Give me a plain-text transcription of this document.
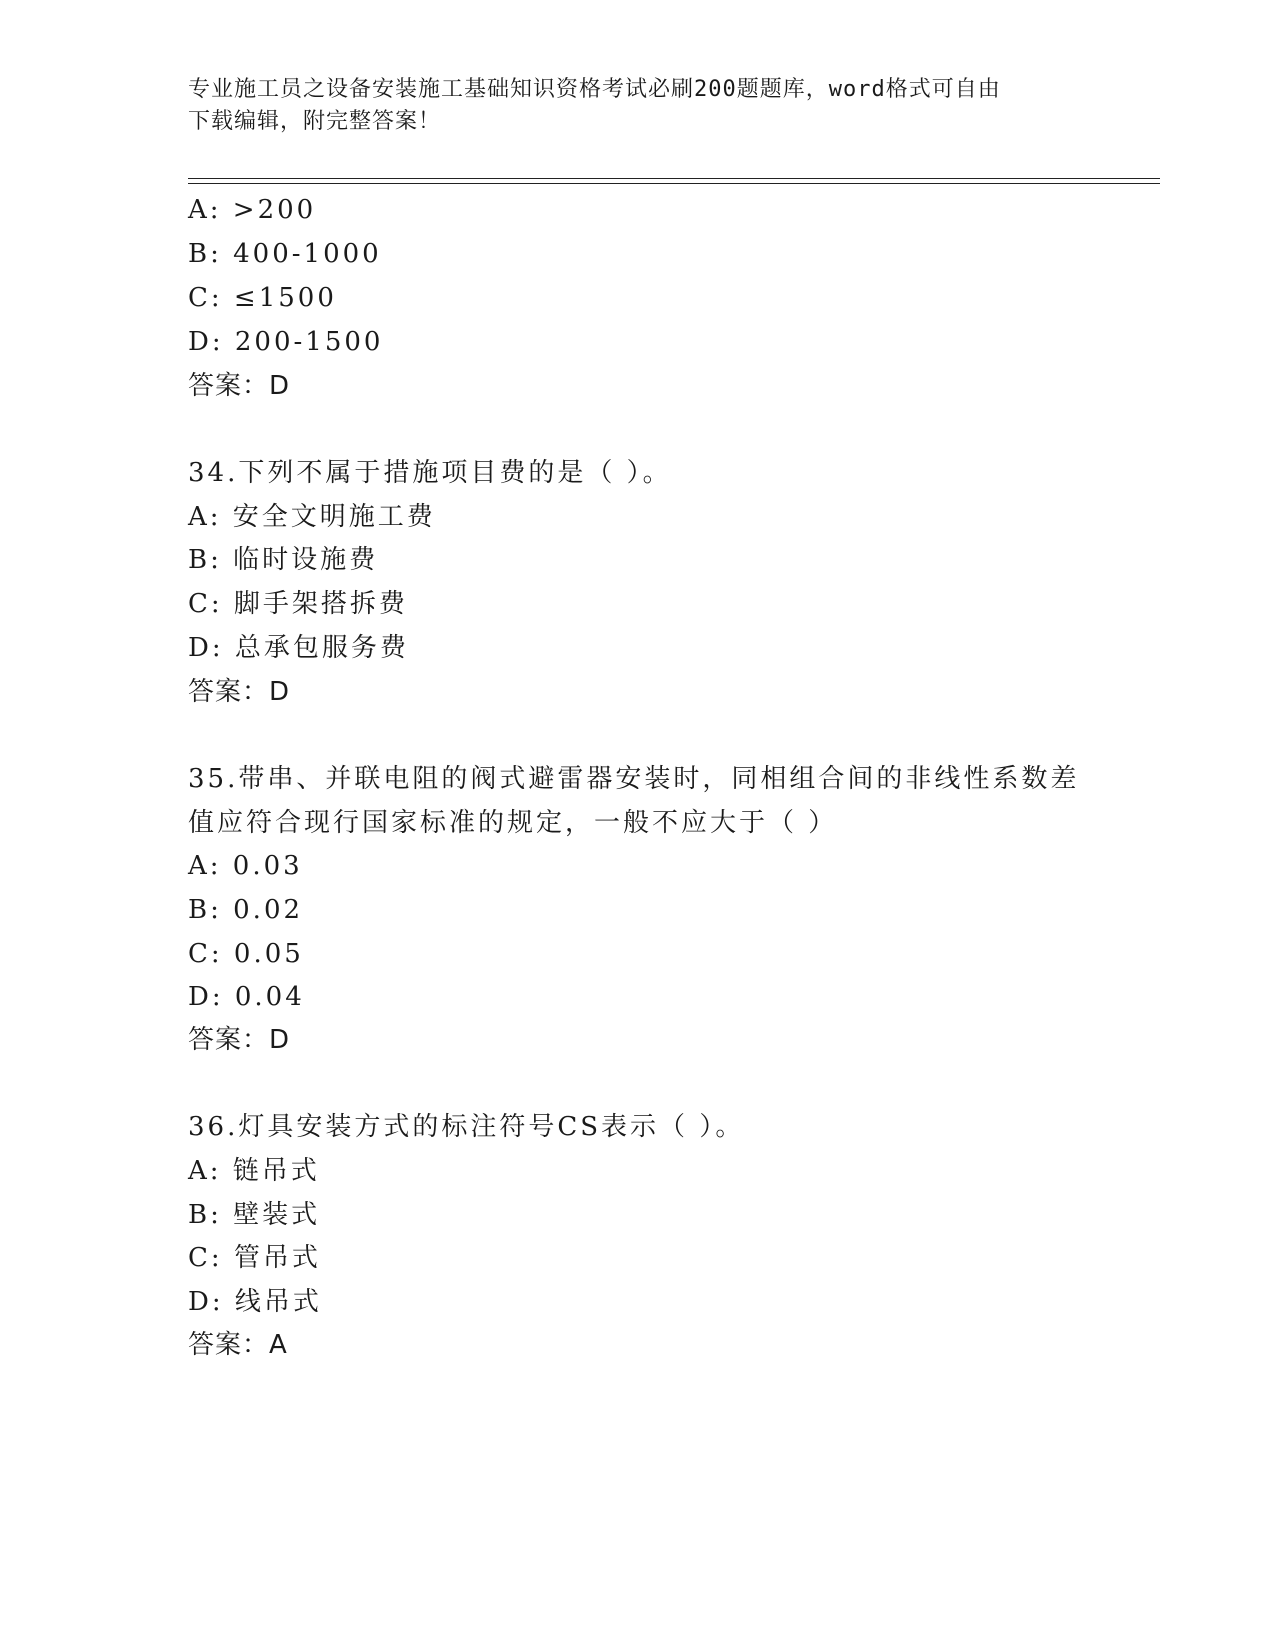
专业施工员之设备安装施工基础知识资格考试必刷200题题库，word格式可自由
下载编辑，附完整答案！
A: >200
B: 400-1000
C: ≤1500
D: 200-1500
答案：D
34.下列不属于措施项目费的是（ ）。
A: 安全文明施工费
B: 临时设施费
C: 脚手架搭拆费
D: 总承包服务费
答案：D
35.带串、并联电阻的阀式避雷器安装时，同相组合间的非线性系数差
值应符合现行国家标准的规定，一般不应大于（ ）
A: 0.03
B: 0.02
C: 0.05
D: 0.04
答案：D
36.灯具安装方式的标注符号CS表示（ ）。
A: 链吊式
B: 壁装式
C: 管吊式
D: 线吊式
答案：A
